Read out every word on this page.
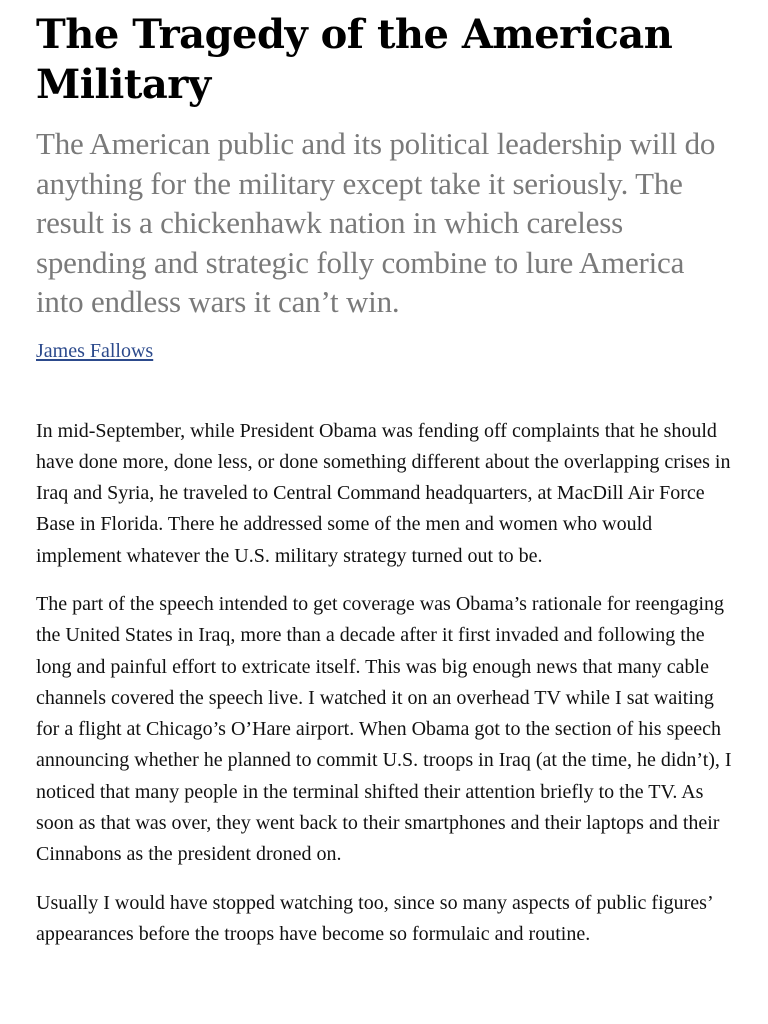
The Tragedy of the American Military

The American public and its political leadership will do anything for the military except take it seriously. The result is a chickenhawk nation in which careless spending and strategic folly combine to lure America into endless wars it can’t win.

James Fallows

In mid-September, while President Obama was fending off complaints that he should have done more, done less, or done something different about the overlapping crises in Iraq and Syria, he traveled to Central Command headquarters, at MacDill Air Force Base in Florida. There he addressed some of the men and women who would implement whatever the U.S. military strategy turned out to be.

The part of the speech intended to get coverage was Obama’s rationale for reengaging the United States in Iraq, more than a decade after it first invaded and following the long and painful effort to extricate itself. This was big enough news that many cable channels covered the speech live. I watched it on an overhead TV while I sat waiting for a flight at Chicago’s O’Hare airport. When Obama got to the section of his speech announcing whether he planned to commit U.S. troops in Iraq (at the time, he didn’t), I noticed that many people in the terminal shifted their attention briefly to the TV. As soon as that was over, they went back to their smartphones and their laptops and their Cinnabons as the president droned on.

Usually I would have stopped watching too, since so many aspects of public figures’ appearances before the troops have become so formulaic and routine.
